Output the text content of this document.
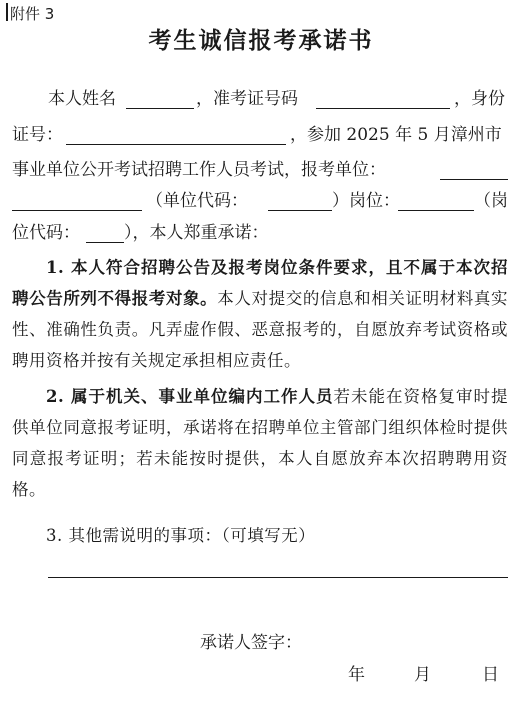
附件 3
考生诚信报考承诺书
本人姓名	，准考证号码	，身份
证号：	，参加 2025 年 5 月漳州市
事业单位公开考试招聘工作人员考试，报考单位：
（单位代码：	）岗位：	（岗
位代码：	），本人郑重承诺：
1. 本人符合招聘公告及报考岗位条件要求，且不属于本次招聘公告所列不得报考对象。本人对提交的信息和相关证明材料真实性、准确性负责。凡弄虚作假、恶意报考的，自愿放弃考试资格或聘用资格并按有关规定承担相应责任。
2. 属于机关、事业单位编内工作人员若未能在资格复审时提供单位同意报考证明，承诺将在招聘单位主管部门组织体检时提供同意报考证明；若未能按时提供，本人自愿放弃本次招聘聘用资格。
3. 其他需说明的事项：（可填写无）
承诺人签字：
年	月	日
